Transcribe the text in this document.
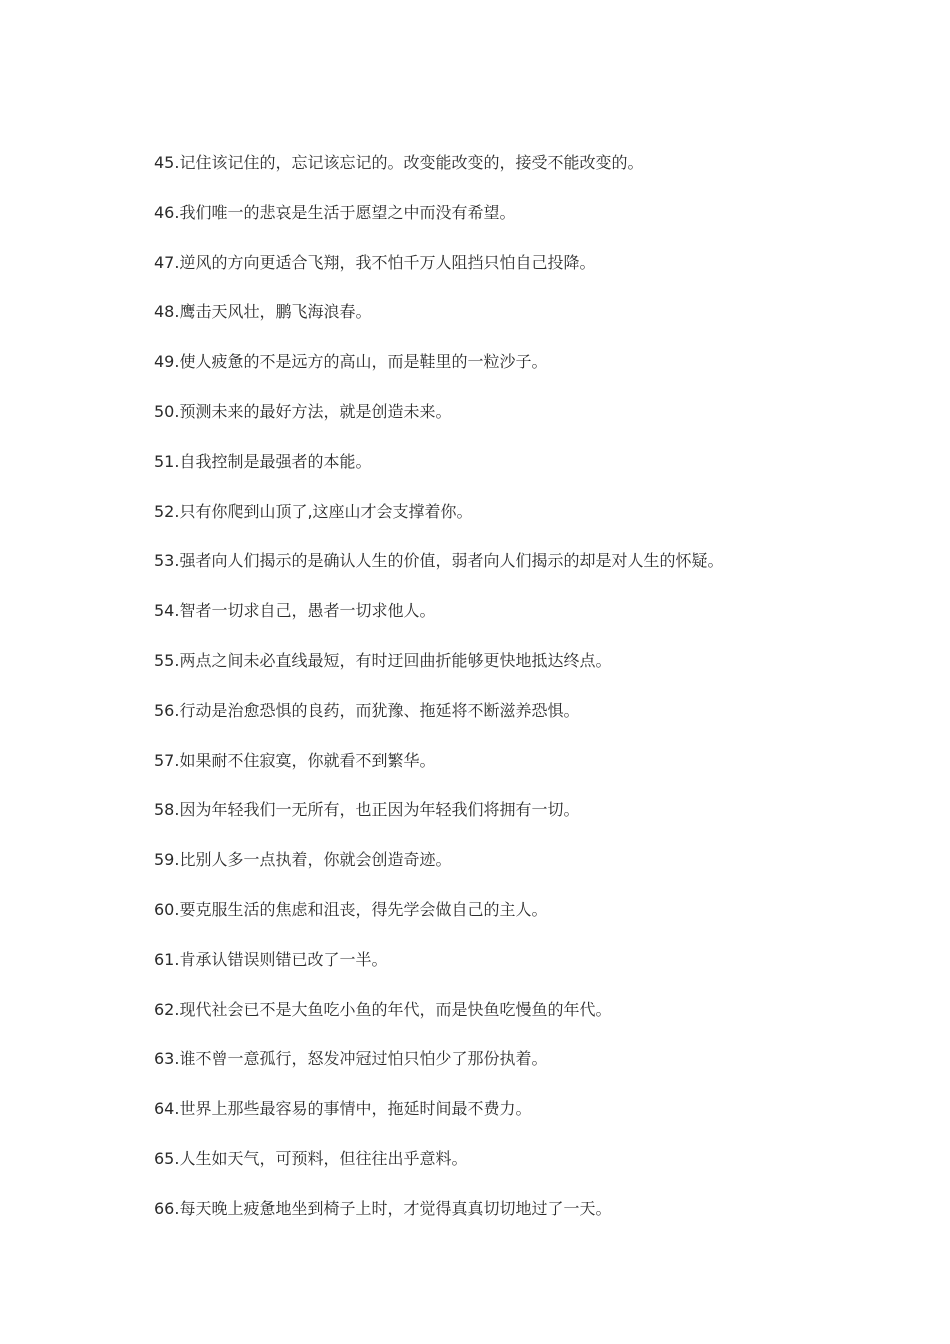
45.记住该记住的，忘记该忘记的。改变能改变的，接受不能改变的。
46.我们唯一的悲哀是生活于愿望之中而没有希望。
47.逆风的方向更适合飞翔，我不怕千万人阻挡只怕自己投降。
48.鹰击天风壮，鹏飞海浪春。
49.使人疲惫的不是远方的高山，而是鞋里的一粒沙子。
50.预测未来的最好方法，就是创造未来。
51.自我控制是最强者的本能。
52.只有你爬到山顶了,这座山才会支撑着你。
53.强者向人们揭示的是确认人生的价值，弱者向人们揭示的却是对人生的怀疑。
54.智者一切求自己，愚者一切求他人。
55.两点之间未必直线最短，有时迂回曲折能够更快地抵达终点。
56.行动是治愈恐惧的良药，而犹豫、拖延将不断滋养恐惧。
57.如果耐不住寂寞，你就看不到繁华。
58.因为年轻我们一无所有，也正因为年轻我们将拥有一切。
59.比别人多一点执着，你就会创造奇迹。
60.要克服生活的焦虑和沮丧，得先学会做自己的主人。
61.肯承认错误则错已改了一半。
62.现代社会已不是大鱼吃小鱼的年代，而是快鱼吃慢鱼的年代。
63.谁不曾一意孤行，怒发冲冠过怕只怕少了那份执着。
64.世界上那些最容易的事情中，拖延时间最不费力。
65.人生如天气，可预料，但往往出乎意料。
66.每天晚上疲惫地坐到椅子上时，才觉得真真切切地过了一天。
